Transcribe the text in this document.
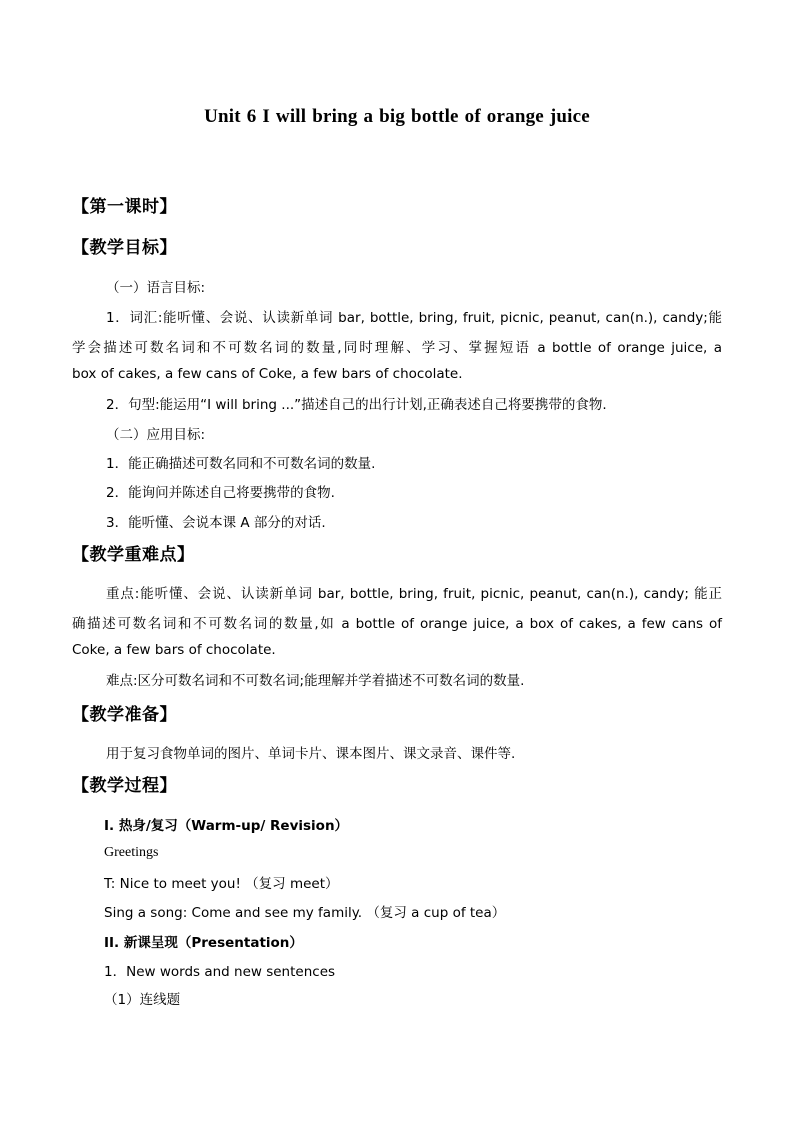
Unit 6 I will bring a big bottle of orange juice
【第一课时】
【教学目标】
（一）语言目标:
1．词汇:能听懂、会说、认读新单词 bar, bottle, bring, fruit, picnic, peanut, can(n.), candy;能
学会描述可数名词和不可数名词的数量,同时理解、学习、掌握短语 a bottle of orange juice, a
box of cakes, a few cans of Coke, a few bars of chocolate.
2．句型:能运用“I will bring ...”描述自己的出行计划,正确表述自己将要携带的食物.
（二）应用目标:
1．能正确描述可数名同和不可数名词的数量.
2．能询问并陈述自己将要携带的食物.
3．能听懂、会说本课 A 部分的对话.
【教学重难点】
重点:能听懂、会说、认读新单词 bar, bottle, bring, fruit, picnic, peanut, can(n.), candy; 能正
确描述可数名词和不可数名词的数量,如 a bottle of orange juice, a box of cakes, a few cans of
Coke, a few bars of chocolate.
难点:区分可数名词和不可数名词;能理解并学着描述不可数名词的数量.
【教学准备】
用于复习食物单词的图片、单词卡片、课本图片、课文录音、课件等.
【教学过程】
I. 热身/复习（Warm-up/ Revision）
Greetings
T: Nice to meet you! （复习 meet）
Sing a song: Come and see my family. （复习 a cup of tea）
II. 新课呈现（Presentation）
1．New words and new sentences
（1）连线题
